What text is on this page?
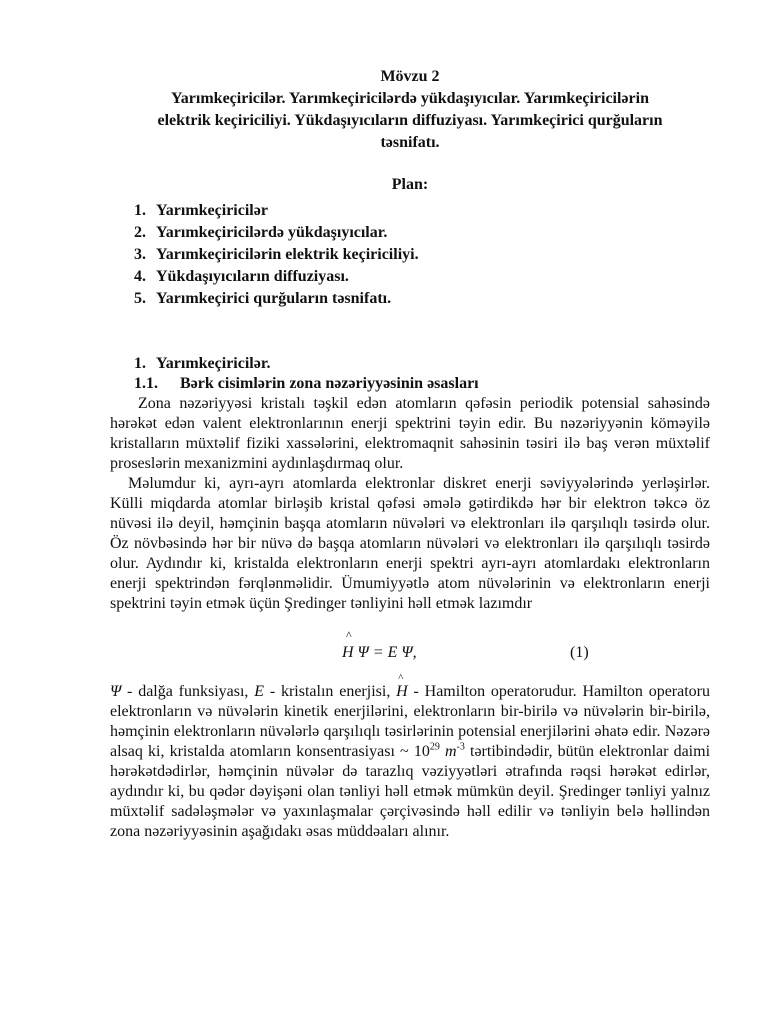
Mövzu 2
Yarımkeçiricilər. Yarımkeçiricilərdə yükdaşıyıcılar. Yarımkeçiricilərin
elektrik keçiriciliyi. Yükdaşıyıcıların diffuziyası. Yarımkeçirici qurğuların
təsnifatı.
Plan:
1. Yarımkeçiricilər
2. Yarımkeçiricilərdə yükdaşıyıcılar.
3. Yarımkeçiricilərin elektrik keçiriciliyi.
4. Yükdaşıyıcıların diffuziyası.
5. Yarımkeçirici qurğuların təsnifatı.
1. Yarımkeçiricilər.
1.1. Bərk cisimlərin zona nəzəriyyəsinin əsasları

Zona nəzəriyyəsi kristalı təşkil edən atomların qəfəsin periodik potensial sahəsində hərəkət edən valent elektronlarının enerji spektrini təyin edir. Bu nəzəriyyənin köməyilə kristalların müxtəlif fiziki xassələrini, elektromaqnit sahəsinin təsiri ilə baş verən müxtəlif proseslərin mexanizmini aydınlaşdırmaq olur.

Məlumdur ki, ayrı-ayrı atomlarda elektronlar diskret enerji səviyyələrində yerləşirlər. Külli miqdarda atomlar birləşib kristal qəfəsi əmələ gətirdikdə hər bir elektron təkcə öz nüvəsi ilə deyil, həmçinin başqa atomların nüvələri və elektronları ilə qarşılıqlı təsirdə olur. Öz növbəsində hər bir nüvə də başqa atomların nüvələri və elektronları ilə qarşılıqlı təsirdə olur. Aydındır ki, kristalda elektronların enerji spektri ayrı-ayrı atomlardakı elektronların enerji spektrindən fərqlənməlidir. Ümumiyyətlə atom nüvələrinin və elektronların enerji spektrini təyin etmək üçün Şredinger tənliyini həll etmək lazımdır

^
H Ψ = E Ψ,	(1)

Ψ - dalğa funksiyası, E - kristalın enerjisi,
^
H - Hamilton operatorudur. Hamilton operatoru elektronların və nüvələrin kinetik enerjilərini, elektronların bir-birilə və nüvələrin bir-birilə, həmçinin elektronların nüvələrlə qarşılıqlı təsirlərinin potensial enerjilərini əhatə edir. Nəzərə alsaq ki, kristalda atomların konsentrasiyası ~ $10^{29}$ $m^{-3}$ tərtibindədir, bütün elektronlar daimi hərəkətdədirlər, həmçinin nüvələr də tarazlıq vəziyyətləri ətrafında rəqsi hərəkət edirlər, aydındır ki, bu qədər dəyişəni olan tənliyi həll etmək mümkün deyil. Şredinger tənliyi yalnız müxtəlif sadələşmələr və yaxınlaşmalar çərçivəsində həll edilir və tənliyin belə həllindən zona nəzəriyyəsinin aşağıdakı əsas müddəaları alınır.
